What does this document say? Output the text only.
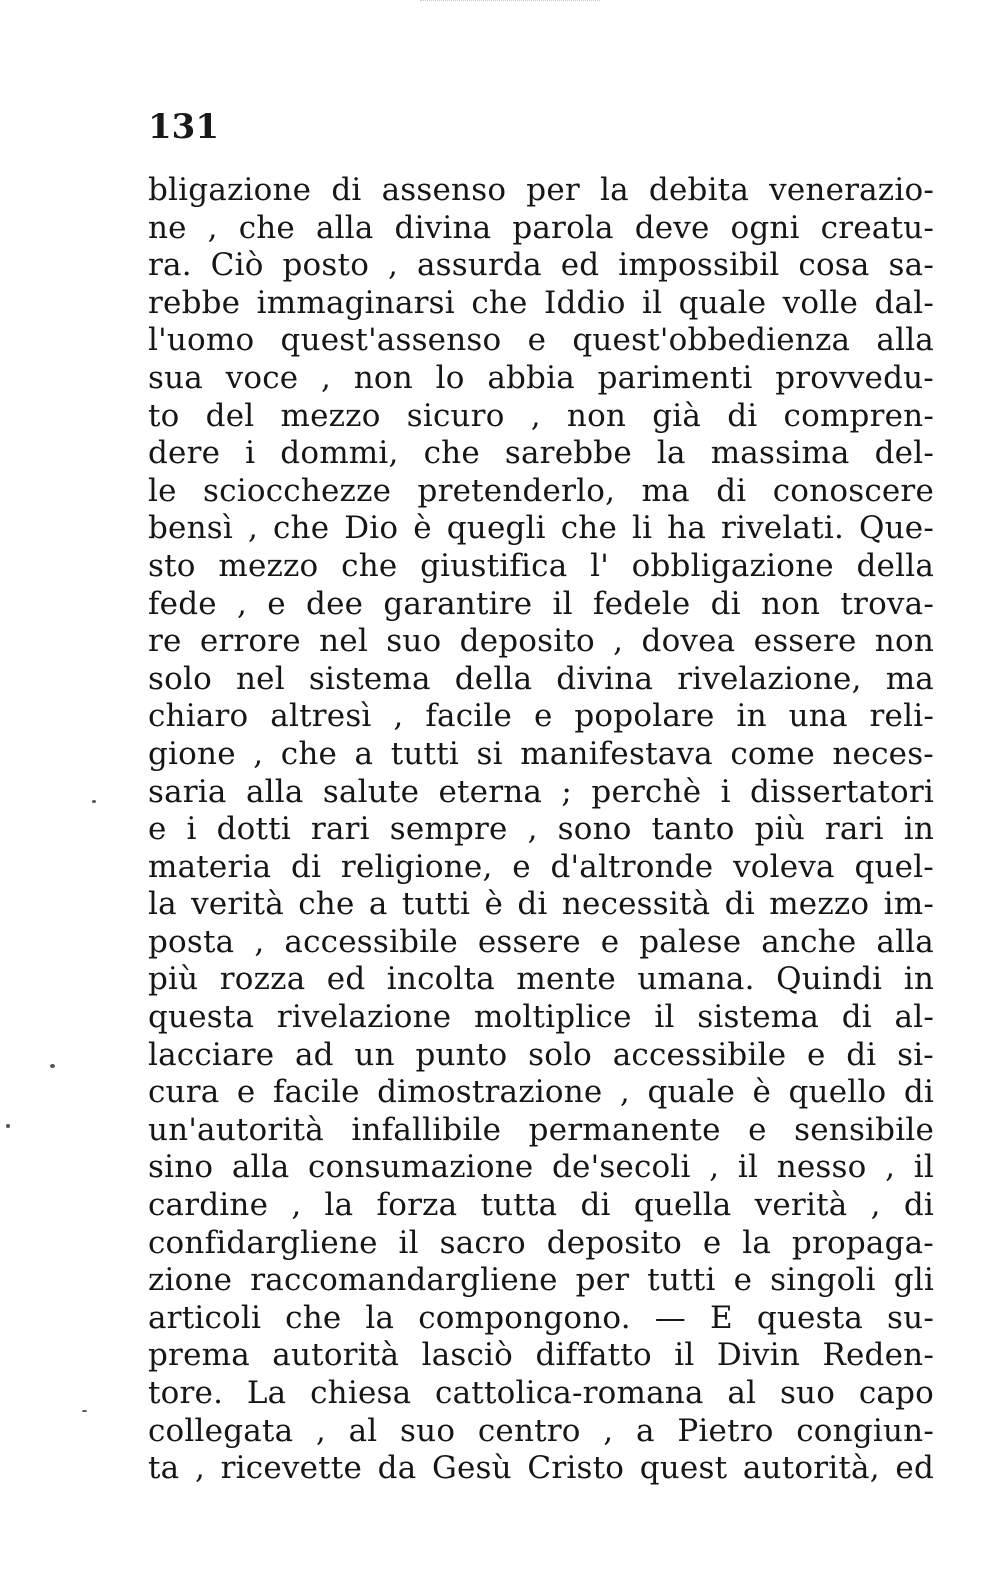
131
bligazione di assenso per la debita venerazio-
ne , che alla divina parola deve ogni creatu-
ra. Ciò posto , assurda ed impossibil cosa sa-
rebbe immaginarsi che Iddio il quale volle dal-
l'uomo quest'assenso e quest'obbedienza alla
sua voce , non lo abbia parimenti provvedu-
to del mezzo sicuro , non già di compren-
dere i dommi, che sarebbe la massima del-
le sciocchezze pretenderlo, ma di conoscere
bensì , che Dio è quegli che li ha rivelati. Que-
sto mezzo che giustifica l' obbligazione della
fede , e dee garantire il fedele di non trova-
re errore nel suo deposito , dovea essere non
solo nel sistema della divina rivelazione, ma
chiaro altresì , facile e popolare in una reli-
gione , che a tutti si manifestava come neces-
saria alla salute eterna ; perchè i dissertatori
e i dotti rari sempre , sono tanto più rari in
materia di religione, e d'altronde voleva quel-
la verità che a tutti è di necessità di mezzo im-
posta , accessibile essere e palese anche alla
più rozza ed incolta mente umana. Quindi in
questa rivelazione moltiplice il sistema di al-
lacciare ad un punto solo accessibile e di si-
cura e facile dimostrazione , quale è quello di
un'autorità infallibile permanente e sensibile
sino alla consumazione de'secoli , il nesso , il
cardine , la forza tutta di quella verità , di
confidargliene il sacro deposito e la propaga-
zione raccomandargliene per tutti e singoli gli
articoli che la compongono. — E questa su-
prema autorità lasciò diffatto il Divin Reden-
tore. La chiesa cattolica-romana al suo capo
collegata , al suo centro , a Pietro congiun-
ta , ricevette da Gesù Cristo quest autorità, ed
